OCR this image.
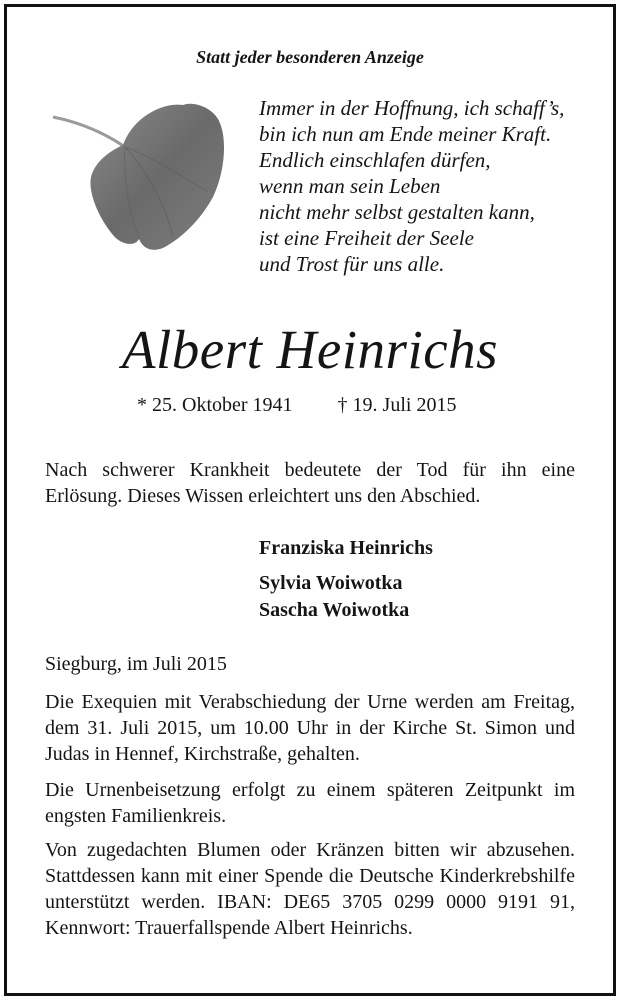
Statt jeder besonderen Anzeige
Immer in der Hoffnung, ich schaff’s,
bin ich nun am Ende meiner Kraft.
Endlich einschlafen dürfen,
wenn man sein Leben
nicht mehr selbst gestalten kann,
ist eine Freiheit der Seele
und Trost für uns alle.
Albert Heinrichs
* 25. Oktober 1941 † 19. Juli 2015
Nach schwerer Krankheit bedeutete der Tod für ihn eine Erlösung. Dieses Wissen erleichtert uns den Abschied.
Franziska Heinrichs
Sylvia Woiwotka
Sascha Woiwotka
Siegburg, im Juli 2015
Die Exequien mit Verabschiedung der Urne werden am Freitag, dem 31. Juli 2015, um 10.00 Uhr in der Kirche St. Simon und Judas in Hennef, Kirchstraße, gehalten.
Die Urnenbeisetzung erfolgt zu einem späteren Zeitpunkt im engsten Familienkreis.
Von zugedachten Blumen oder Kränzen bitten wir abzusehen. Stattdessen kann mit einer Spende die Deutsche Kinderkrebshilfe unterstützt werden. IBAN: DE65 3705 0299 0000 9191 91, Kennwort: Trauerfallspende Albert Heinrichs.
